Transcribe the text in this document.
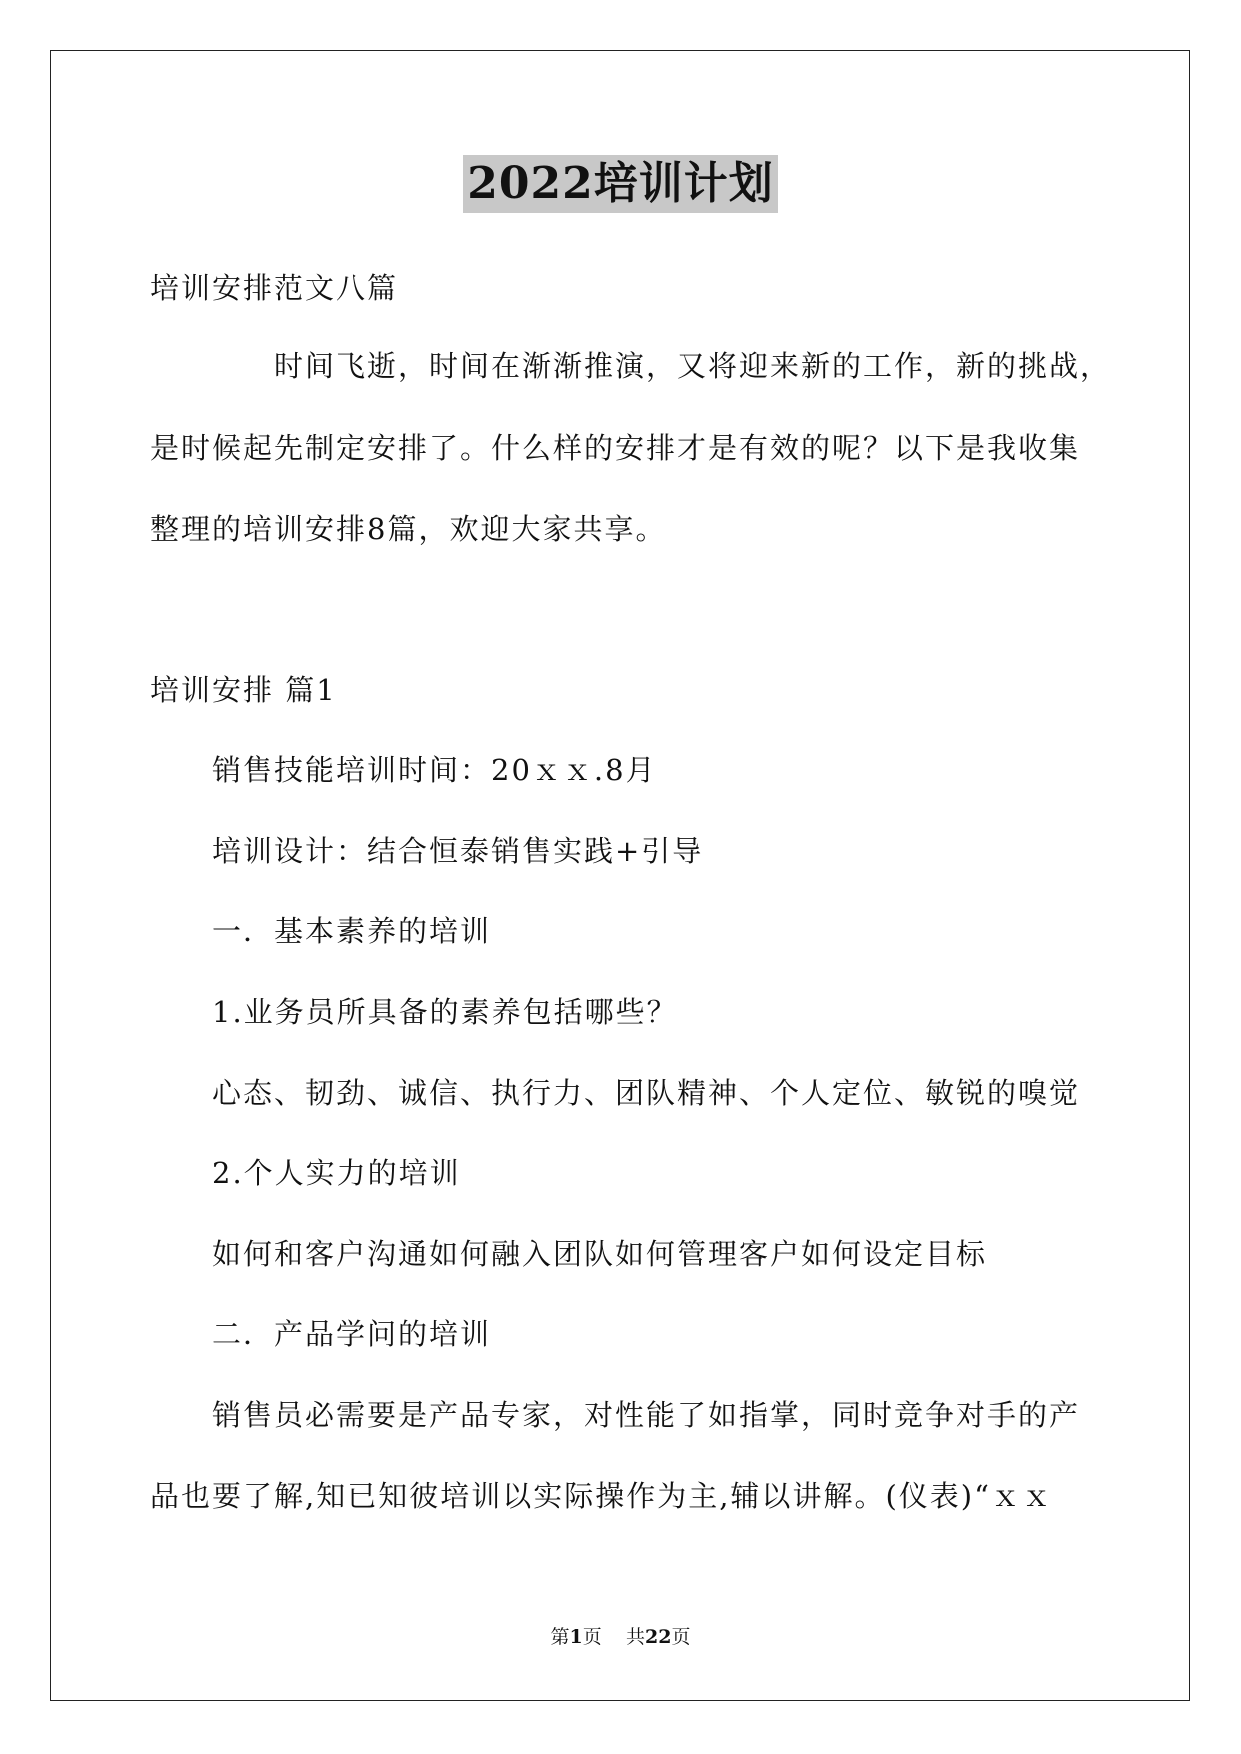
2022培训计划
培训安排范文八篇
时间飞逝，时间在渐渐推演，又将迎来新的工作，新的挑战，
是时候起先制定安排了。什么样的安排才是有效的呢？以下是我收集
整理的培训安排8篇，欢迎大家共享。
培训安排 篇1
销售技能培训时间：20ｘｘ.8月
培训设计：结合恒泰销售实践+引导
一．基本素养的培训
1.业务员所具备的素养包括哪些？
心态、韧劲、诚信、执行力、团队精神、个人定位、敏锐的嗅觉
2.个人实力的培训
如何和客户沟通如何融入团队如何管理客户如何设定目标
二．产品学问的培训
销售员必需要是产品专家，对性能了如指掌，同时竞争对手的产
品也要了解,知已知彼培训以实际操作为主,辅以讲解。(仪表)“ｘｘ
第1页 共22页
